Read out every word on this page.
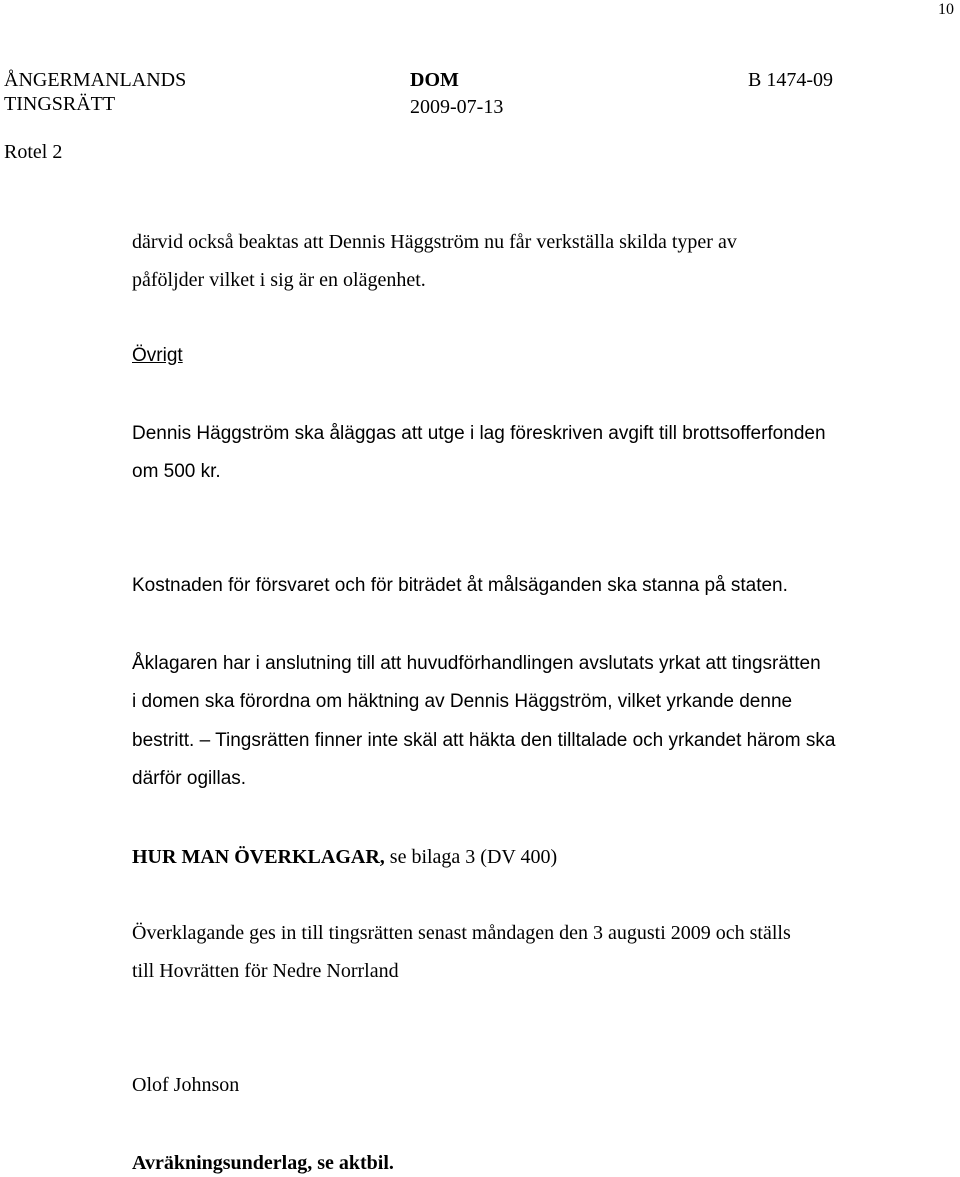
10
ÅNGERMANLANDS
TINGSRÄTT
DOM
2009-07-13
B 1474-09
Rotel 2
därvid också beaktas att Dennis Häggström nu får verkställa skilda typer av
påföljder vilket i sig är en olägenhet.
Övrigt
Dennis Häggström ska åläggas att utge i lag föreskriven avgift till brottsofferfonden
om 500 kr.
Kostnaden för försvaret och för biträdet åt målsäganden ska stanna på staten.
Åklagaren har i anslutning till att huvudförhandlingen avslutats yrkat att tingsrätten
i domen ska förordna om häktning av Dennis Häggström, vilket yrkande denne
bestritt. – Tingsrätten finner inte skäl att häkta den tilltalade och yrkandet härom ska
därför ogillas.
HUR MAN ÖVERKLAGAR, se bilaga 3 (DV 400)
Överklagande ges in till tingsrätten senast måndagen den 3 augusti 2009 och ställs
till Hovrätten för Nedre Norrland
Olof Johnson
Avräkningsunderlag, se aktbil.
